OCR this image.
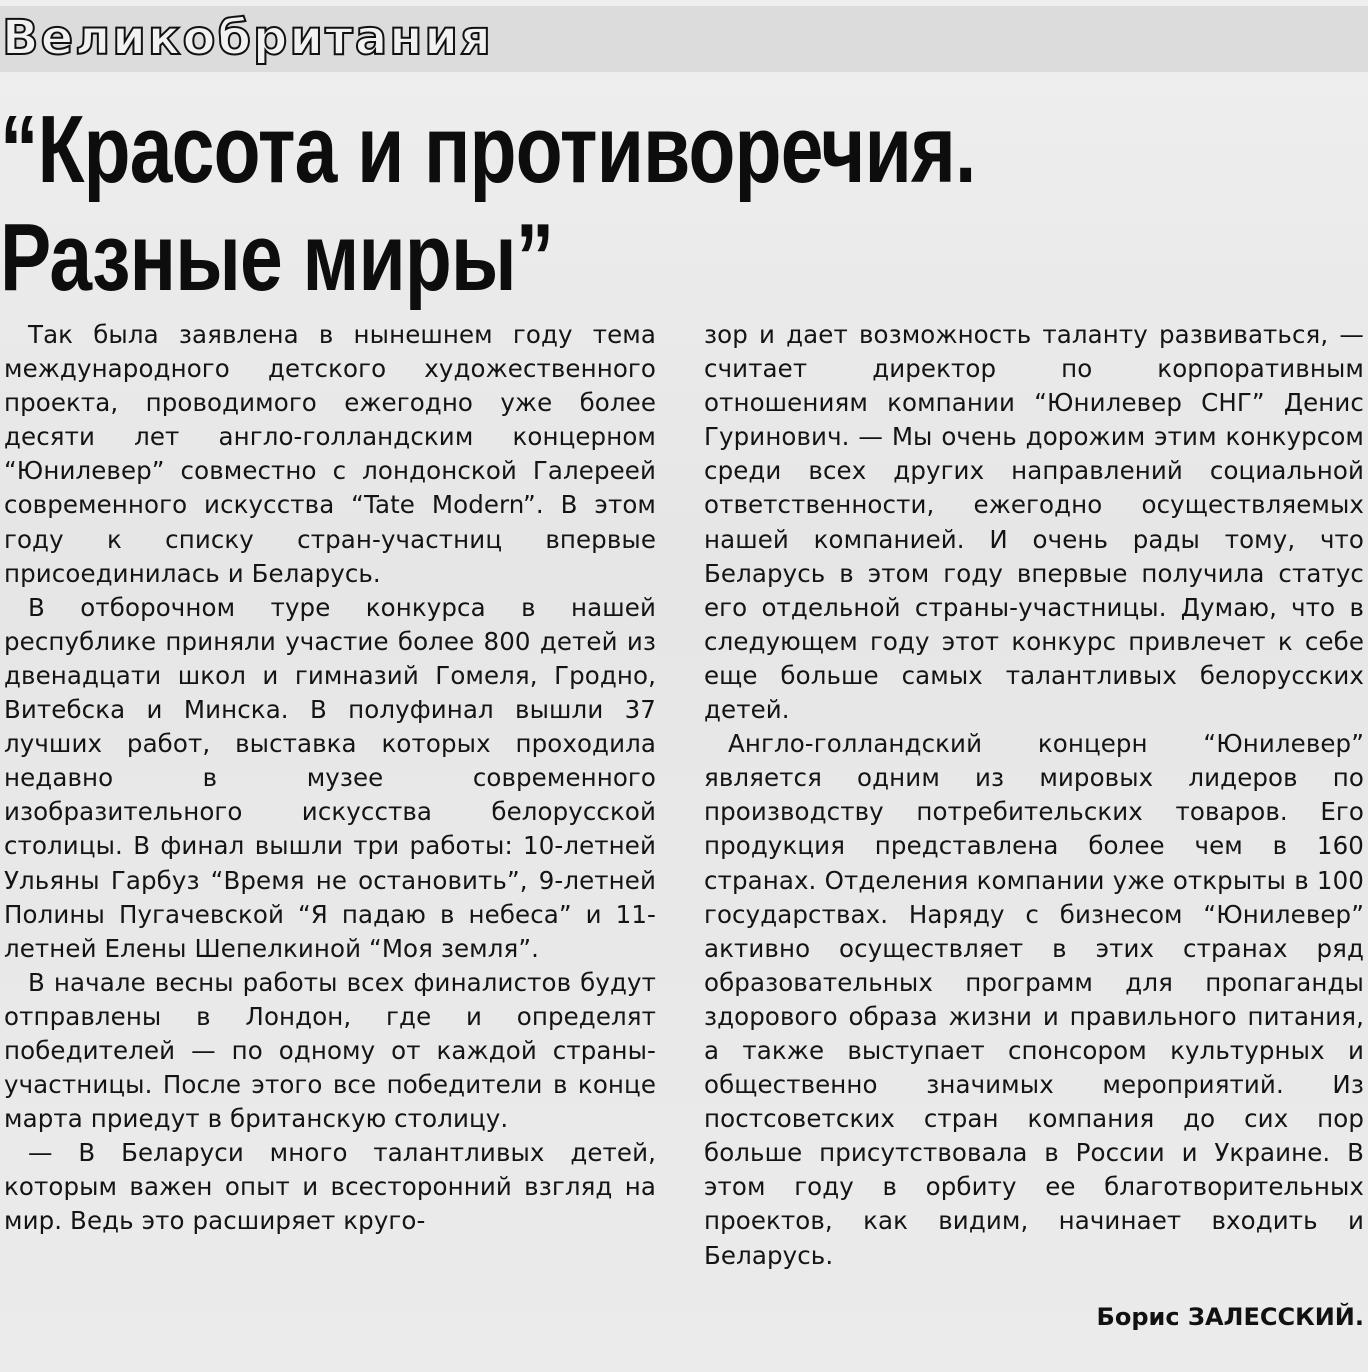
Великобритания
“Красота и противоречия.
Разные миры”

Так была заявлена в нынешнем году тема международного детского художественного проекта, проводимого ежегодно уже более десяти лет англо-голландским концерном “Юнилевер” совместно с лондонской Галереей современного искусства “Tate Modern”. В этом году к списку стран-участниц впервые присоединилась и Беларусь.

В отборочном туре конкурса в нашей республике приняли участие более 800 детей из двенадцати школ и гимназий Гомеля, Гродно, Витебска и Минска. В полуфинал вышли 37 лучших работ, выставка которых проходила недавно в музее современного изобразительного искусства белорусской столицы. В финал вышли три работы: 10-летней Ульяны Гарбуз “Время не остановить”, 9-летней Полины Пугачевской “Я падаю в небеса” и 11-летней Елены Шепелкиной “Моя земля”.

В начале весны работы всех финалистов будут отправлены в Лондон, где и определят победителей — по одному от каждой страны-участницы. После этого все победители в конце марта приедут в британскую столицу.

— В Беларуси много талантливых детей, которым важен опыт и всесторонний взгляд на мир. Ведь это расширяет круго-

зор и дает возможность таланту развиваться, — считает директор по корпоративным отношениям компании “Юнилевер СНГ” Денис Гуринович. — Мы очень дорожим этим конкурсом среди всех других направлений социальной ответственности, ежегодно осуществляемых нашей компанией. И очень рады тому, что Беларусь в этом году впервые получила статус его отдельной страны-участницы. Думаю, что в следующем году этот конкурс привлечет к себе еще больше самых талантливых белорусских детей.

Англо-голландский концерн “Юнилевер” является одним из мировых лидеров по производству потребительских товаров. Его продукция представлена более чем в 160 странах. Отделения компании уже открыты в 100 государствах. Наряду с бизнесом “Юнилевер” активно осуществляет в этих странах ряд образовательных программ для пропаганды здорового образа жизни и правильного питания, а также выступает спонсором культурных и общественно значимых мероприятий. Из постсоветских стран компания до сих пор больше присутствовала в России и Украине. В этом году в орбиту ее благотворительных проектов, как видим, начинает входить и Беларусь.

Борис ЗАЛЕССКИЙ.
